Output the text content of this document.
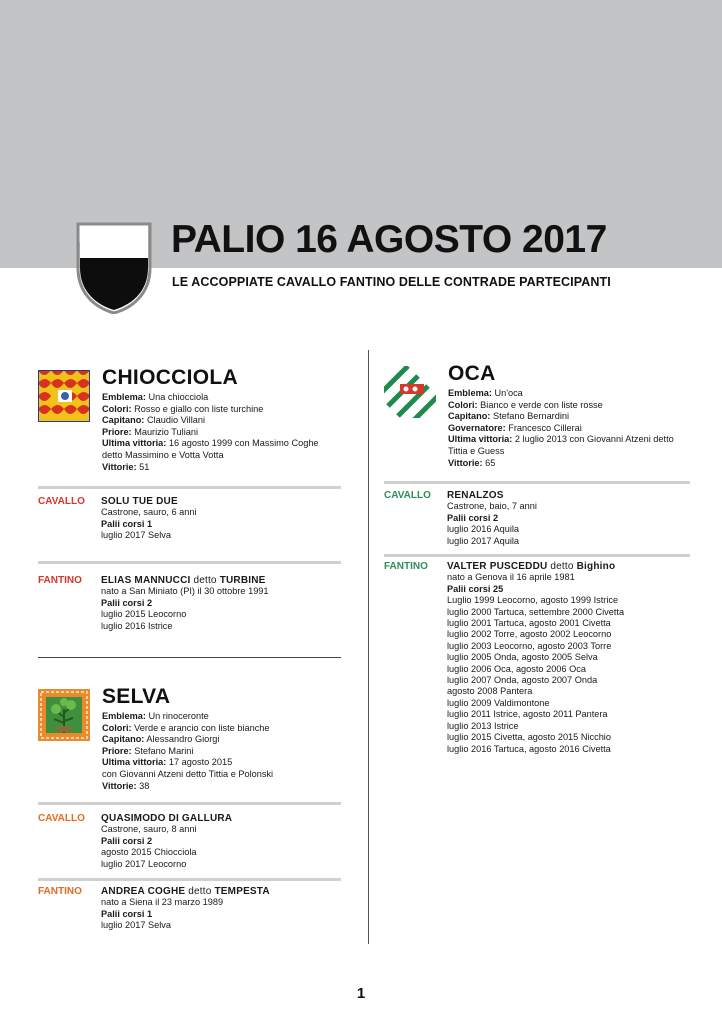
PALIO 16 AGOSTO 2017
LE ACCOPPIATE CAVALLO FANTINO DELLE CONTRADE PARTECIPANTI
CHIOCCIOLA
Emblema: Una chiocciola
Colori: Rosso e giallo con liste turchine
Capitano: Claudio Villani
Priore: Maurizio Tuliani
Ultima vittoria: 16 agosto 1999 con Massimo Coghe
detto Massimino e Votta Votta
Vittorie: 51
CAVALLO SOLU TUE DUE
Castrone, sauro, 6 anni
Palii corsi 1
luglio 2017 Selva
FANTINO ELIAS MANNUCCI detto TURBINE
nato a San Miniato (PI) il 30 ottobre 1991
Palii corsi 2
luglio 2015 Leocorno
luglio 2016 Istrice
SELVA
Emblema: Un rinoceronte
Colori: Verde e arancio con liste bianche
Capitano: Alessandro Giorgi
Priore: Stefano Marini
Ultima vittoria: 17 agosto 2015
con Giovanni Atzeni detto Tittia e Polonski
Vittorie: 38
CAVALLO QUASIMODO DI GALLURA
Castrone, sauro, 8 anni
Palii corsi 2
agosto 2015 Chiocciola
luglio 2017 Leocorno
FANTINO ANDREA COGHE detto TEMPESTA
nato a Siena il 23 marzo 1989
Palii corsi 1
luglio 2017 Selva
OCA
Emblema: Un'oca
Colori: Bianco e verde con liste rosse
Capitano: Stefano Bernardini
Governatore: Francesco Cillerai
Ultima vittoria: 2 luglio 2013 con Giovanni Atzeni detto
Tittia e Guess
Vittorie: 65
CAVALLO RENALZOS
Castrone, baio, 7 anni
Palii corsi 2
luglio 2016 Aquila
luglio 2017 Aquila
FANTINO VALTER PUSCEDDU detto Bighino
nato a Genova il 16 aprile 1981
Palii corsi 25
Luglio 1999 Leocorno, agosto 1999 Istrice
luglio 2000 Tartuca, settembre 2000 Civetta
luglio 2001 Tartuca, agosto 2001 Civetta
luglio 2002 Torre, agosto 2002 Leocorno
luglio 2003 Leocorno, agosto 2003 Torre
luglio 2005 Onda, agosto 2005 Selva
luglio 2006 Oca, agosto 2006 Oca
luglio 2007 Onda, agosto 2007 Onda
agosto 2008 Pantera
luglio 2009 Valdimontone
luglio 2011 Istrice, agosto 2011 Pantera
luglio 2013 Istrice
luglio 2015 Civetta, agosto 2015 Nicchio
luglio 2016 Tartuca, agosto 2016 Civetta
1
